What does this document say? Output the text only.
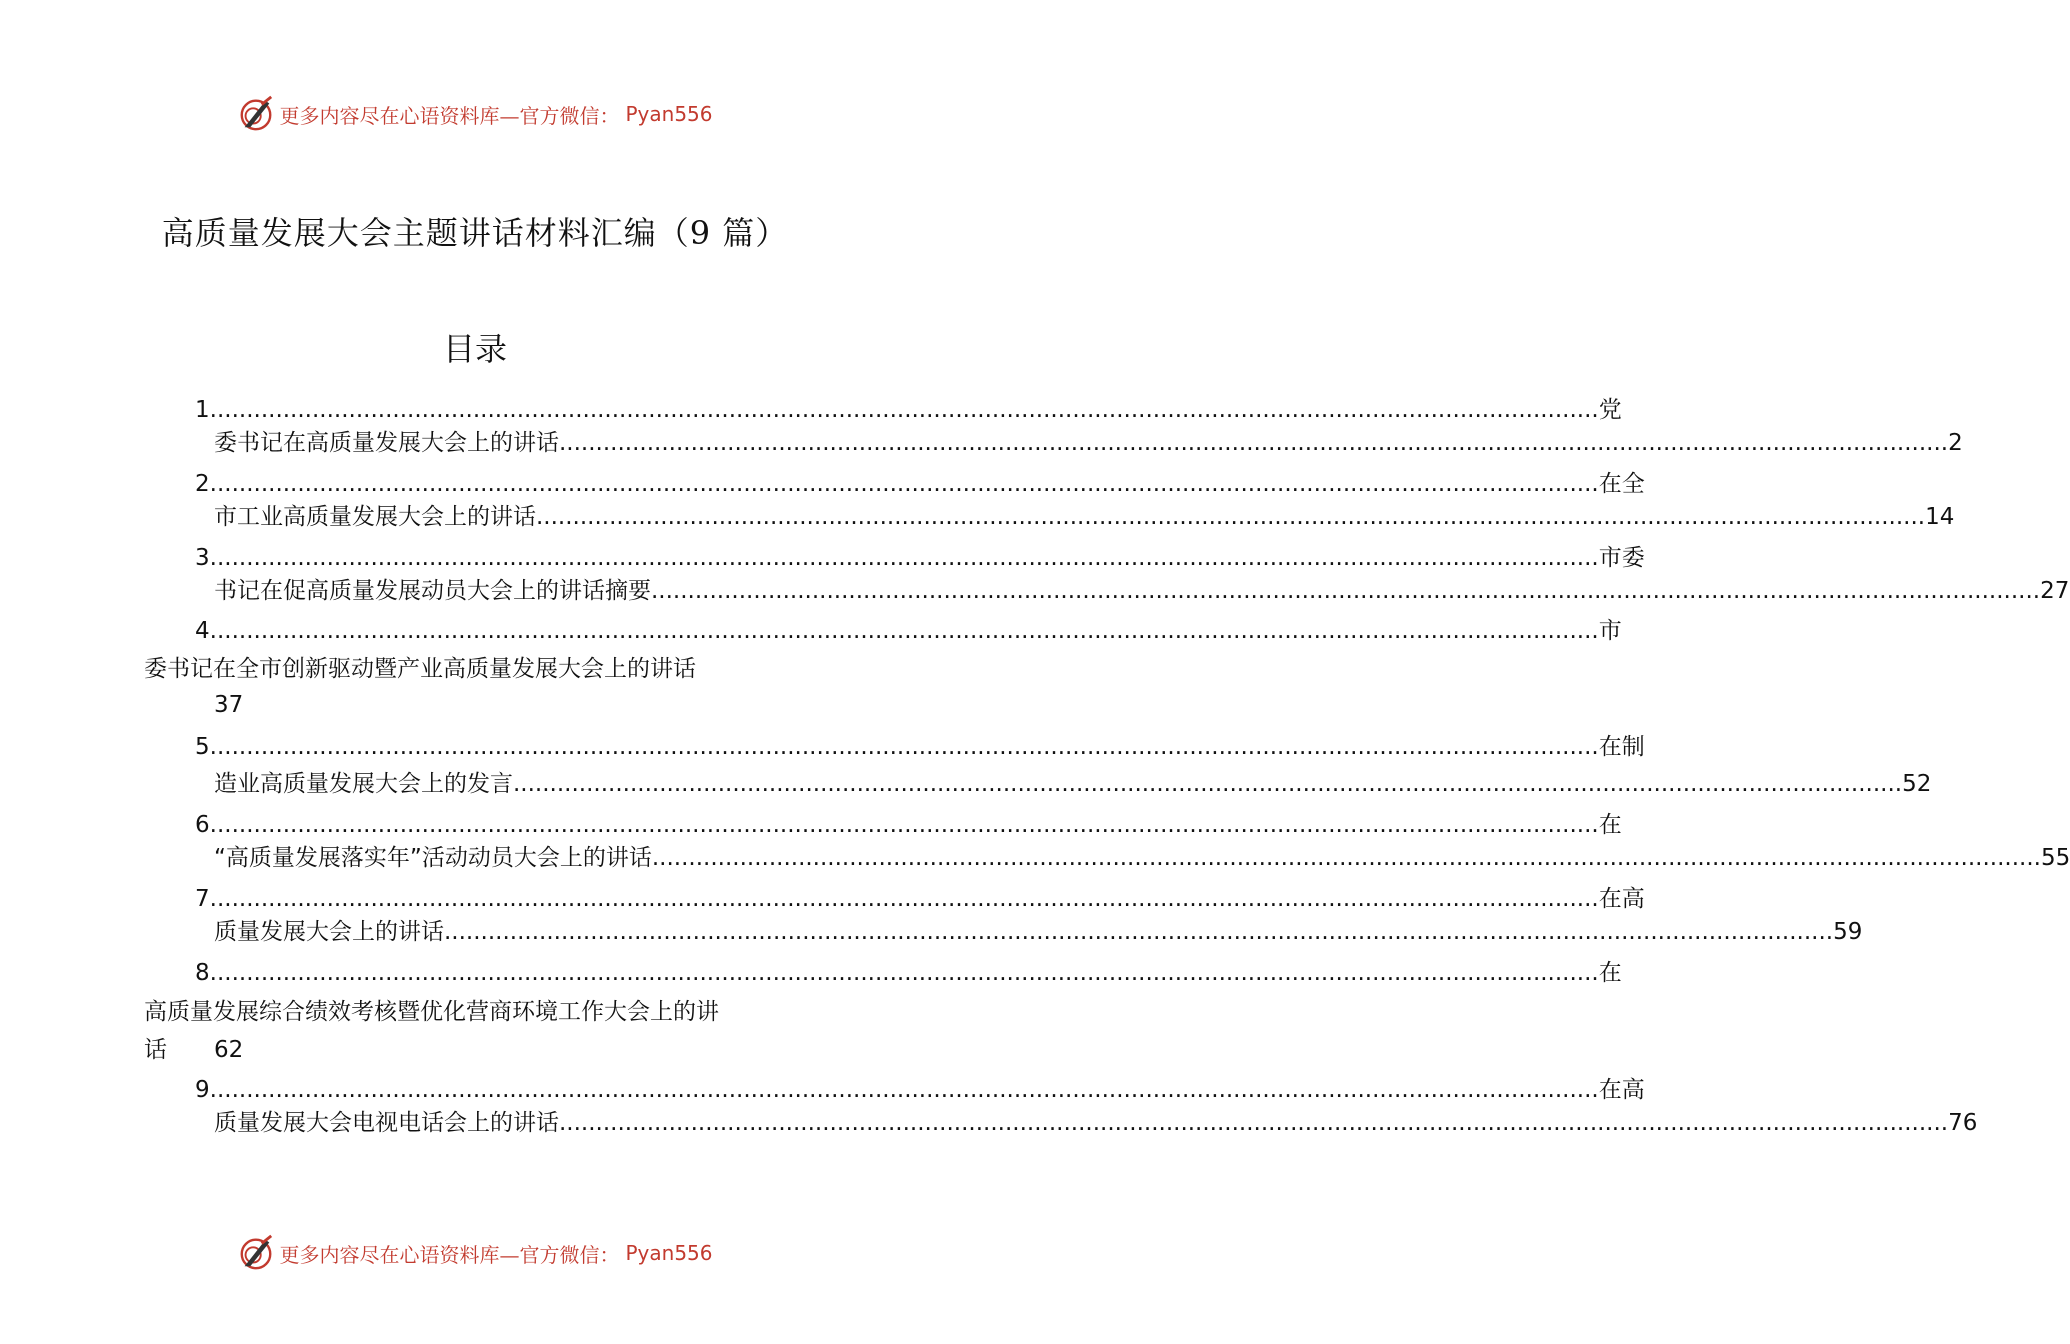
更多内容尽在心语资料库—官方微信： Pyan556
高质量发展大会主题讲话材料汇编（9 篇）
目录
1 .............................................................................................................................................................................................. 党
委书记在高质量发展大会上的讲话 .............................................................................................................................................................................................. 2
2 .............................................................................................................................................................................................. 在全
市工业高质量发展大会上的讲话 .............................................................................................................................................................................................. 14
3 .............................................................................................................................................................................................. 市委
书记在促高质量发展动员大会上的讲话摘要 .............................................................................................................................................................................................. 27
4 .............................................................................................................................................................................................. 市
委书记在全市创新驱动暨产业高质量发展大会上的讲话
37
5 .............................................................................................................................................................................................. 在制
造业高质量发展大会上的发言 .............................................................................................................................................................................................. 52
6 .............................................................................................................................................................................................. 在
“高质量发展落实年”活动动员大会上的讲话 .............................................................................................................................................................................................. 55
7 .............................................................................................................................................................................................. 在高
质量发展大会上的讲话 .............................................................................................................................................................................................. 59
8 .............................................................................................................................................................................................. 在
高质量发展综合绩效考核暨优化营商环境工作大会上的讲
话 62
9 .............................................................................................................................................................................................. 在高
质量发展大会电视电话会上的讲话 .............................................................................................................................................................................................. 76
更多内容尽在心语资料库—官方微信： Pyan556
